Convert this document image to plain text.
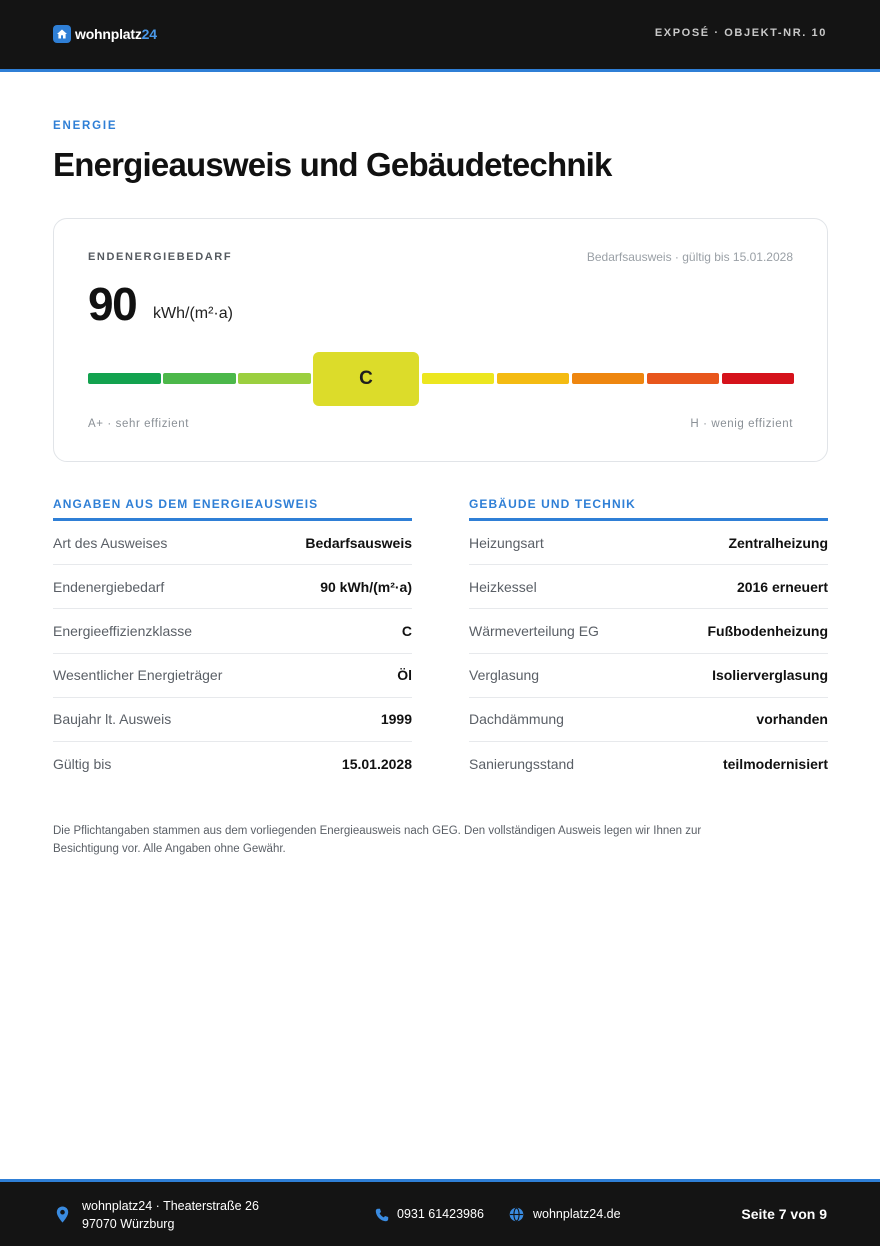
wohnplatz24	EXPOSÉ · OBJEKT-NR. 10
ENERGIE
Energieausweis und Gebäudetechnik
ENDENERGIEBEDARF	Bedarfsausweis · gültig bis 15.01.2028
90 kWh/(m²·a)
C
A+ · sehr effizient	H · wenig effizient
ANGABEN AUS DEM ENERGIEAUSWEIS
Art des Ausweises	Bedarfsausweis
Endenergiebedarf	90 kWh/(m²·a)
Energieeffizienzklasse	C
Wesentlicher Energieträger	Öl
Baujahr lt. Ausweis	1999
Gültig bis	15.01.2028
GEBÄUDE UND TECHNIK
Heizungsart	Zentralheizung
Heizkessel	2016 erneuert
Wärmeverteilung EG	Fußbodenheizung
Verglasung	Isolierverglasung
Dachdämmung	vorhanden
Sanierungsstand	teilmodernisiert

Die Pflichtangaben stammen aus dem vorliegenden Energieausweis nach GEG. Den vollständigen Ausweis legen wir Ihnen zur Besichtigung vor. Alle Angaben ohne Gewähr.

wohnplatz24 · Theaterstraße 26
97070 Würzburg
0931 61423986	wohnplatz24.de	Seite 7 von 9
